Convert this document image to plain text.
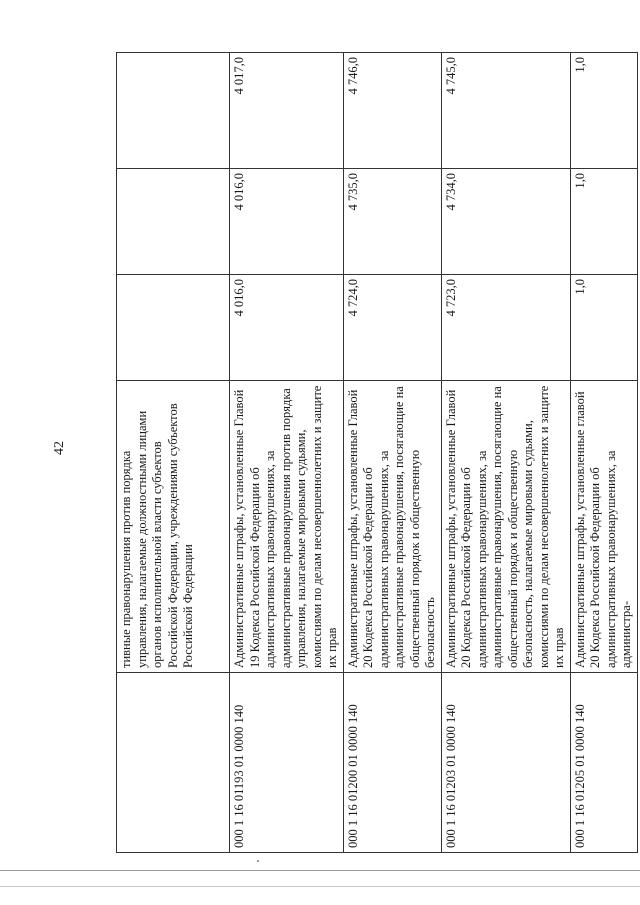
42
	тивные правонарушения против порядка управления, налагаемые должностными лицами органов исполнительной власти субъектов Российской Федерации, учреждениями субъектов Российской Федерации			
000 1 16 01193 01 0000 140	Административные штрафы, установленные Главой 19 Кодекса Российской Федерации об административных правонарушениях, за административные правонарушения против порядка управления, налагаемые мировыми судьями, комиссиями по делам несовершеннолетних и защите их прав	4 016,0	4 016,0	4 017,0
000 1 16 01200 01 0000 140	Административные штрафы, установленные Главой 20 Кодекса Российской Федерации об административных правонарушениях, за административные правонарушения, посягающие на общественный порядок и общественную безопасность	4 724,0	4 735,0	4 746,0
000 1 16 01203 01 0000 140	Административные штрафы, установленные Главой 20 Кодекса Российской Федерации об административных правонарушениях, за административные правонарушения, посягающие на общественный порядок и общественную безопасность, налагаемые мировыми судьями, комиссиями по делам несовершеннолетних и защите их прав	4 723,0	4 734,0	4 745,0
000 1 16 01205 01 0000 140	Административные штрафы, установленные главой 20 Кодекса Российской Федерации об административных правонарушениях, за администра-	1,0	1,0	1,0
